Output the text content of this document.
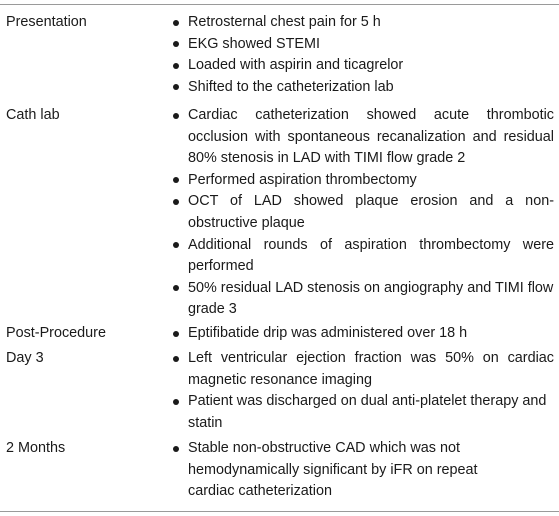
Presentation	Retrosternal chest pain for 5 h
EKG showed STEMI
Loaded with aspirin and ticagrelor
Shifted to the catheterization lab
Cath lab	Cardiac catheterization showed acute thrombotic occlusion with spontaneous recanalization and residual 80% stenosis in LAD with TIMI flow grade 2
Performed aspiration thrombectomy
OCT of LAD showed plaque erosion and a non-obstructive plaque
Additional rounds of aspiration thrombectomy were performed
50% residual LAD stenosis on angiography and TIMI flow grade 3
Post-Procedure	Eptifibatide drip was administered over 18 h
Day 3	Left ventricular ejection fraction was 50% on cardiac magnetic resonance imaging
Patient was discharged on dual anti-platelet therapy and statin
2 Months	Stable non-obstructive CAD which was not hemodynamically significant by iFR on repeat cardiac catheterization
